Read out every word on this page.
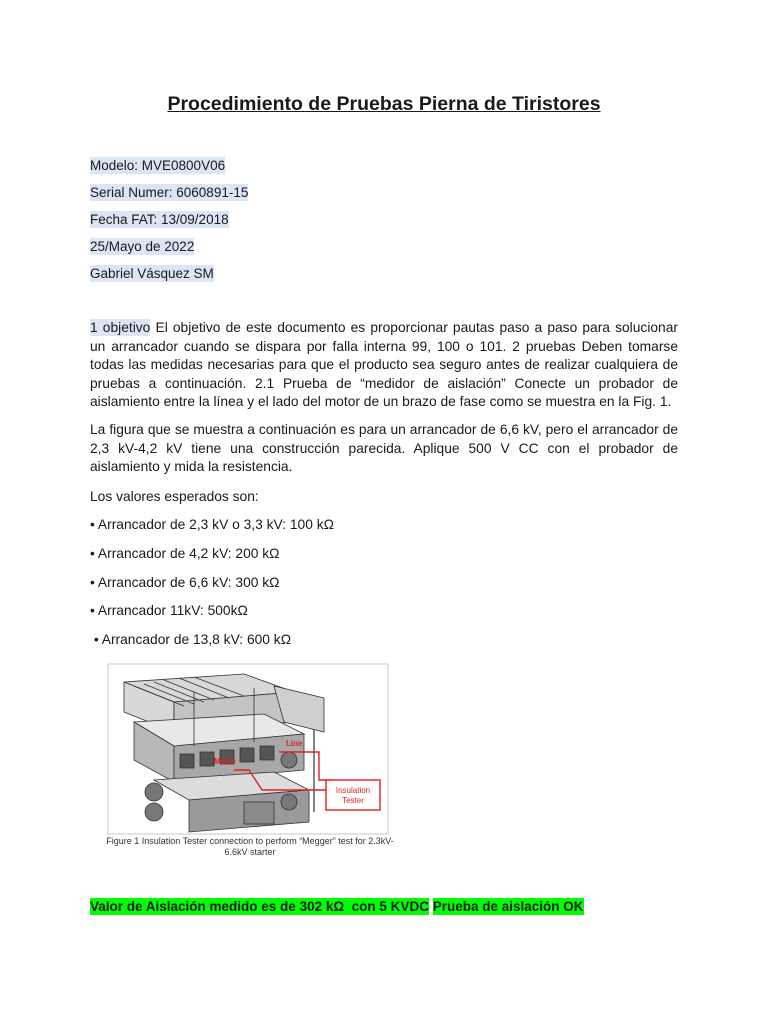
Procedimiento de Pruebas Pierna de Tiristores
Modelo: MVE0800V06
Serial Numer: 6060891-15
Fecha FAT: 13/09/2018
25/Mayo de 2022
Gabriel Vásquez SM
1 objetivo El objetivo de este documento es proporcionar pautas paso a paso para solucionar un arrancador cuando se dispara por falla interna 99, 100 o 101. 2 pruebas Deben tomarse todas las medidas necesarias para que el producto sea seguro antes de realizar cualquiera de pruebas a continuación. 2.1 Prueba de “medidor de aislación” Conecte un probador de aislamiento entre la línea y el lado del motor de un brazo de fase como se muestra en la Fig. 1.
La figura que se muestra a continuación es para un arrancador de 6,6 kV, pero el arrancador de 2,3 kV-4,2 kV tiene una construcción parecida. Aplique 500 V CC con el probador de aislamiento y mida la resistencia.
Los valores esperados son:
• Arrancador de 2,3 kV o 3,3 kV: 100 kΩ
• Arrancador de 4,2 kV: 200 kΩ
• Arrancador de 6,6 kV: 300 kΩ
• Arrancador 11kV: 500kΩ
• Arrancador de 13,8 kV: 600 kΩ
Line
Motor
Insulation
Tester
Figure 1 Insulation Tester connection to perform “Megger” test for 2.3kV-
6.6kV starter
Valor de Aislación medido es de 302 kΩ  con 5 KVDC Prueba de aislación OK
